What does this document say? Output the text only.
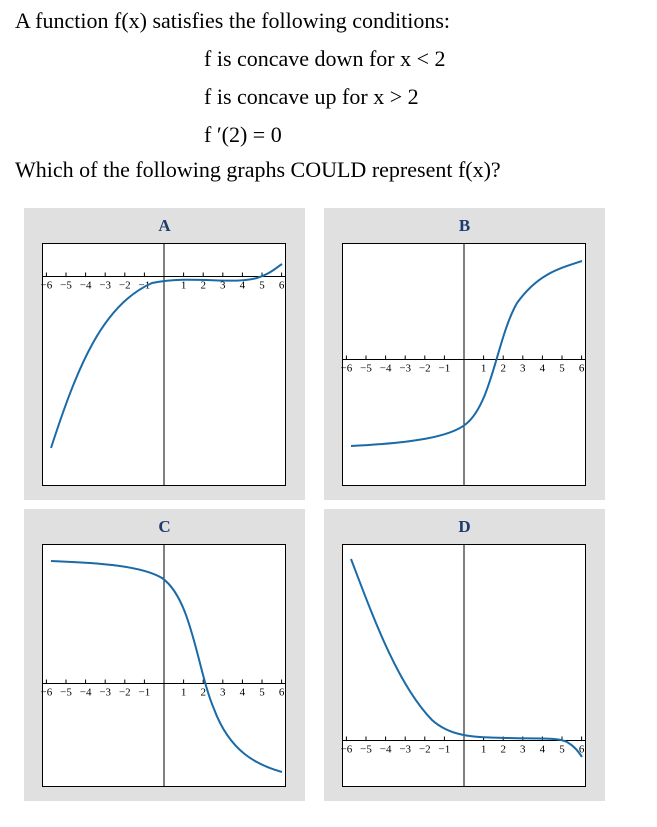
A function f(x) satisfies the following conditions:
f is concave down for x < 2
f is concave up for x > 2
f ′(2) = 0
Which of the following graphs COULD represent f(x)?
A
−6 −5 −4 −3 −2 −1	1 2 3 4 5 6
B
−6 −5 −4 −3 −2 −1	1 2 3 4 5 6
C
−6 −5 −4 −3 −2 −1	1 2 3 4 5 6
D
−6 −5 −4 −3 −2 −1	1 2 3 4 5 6
